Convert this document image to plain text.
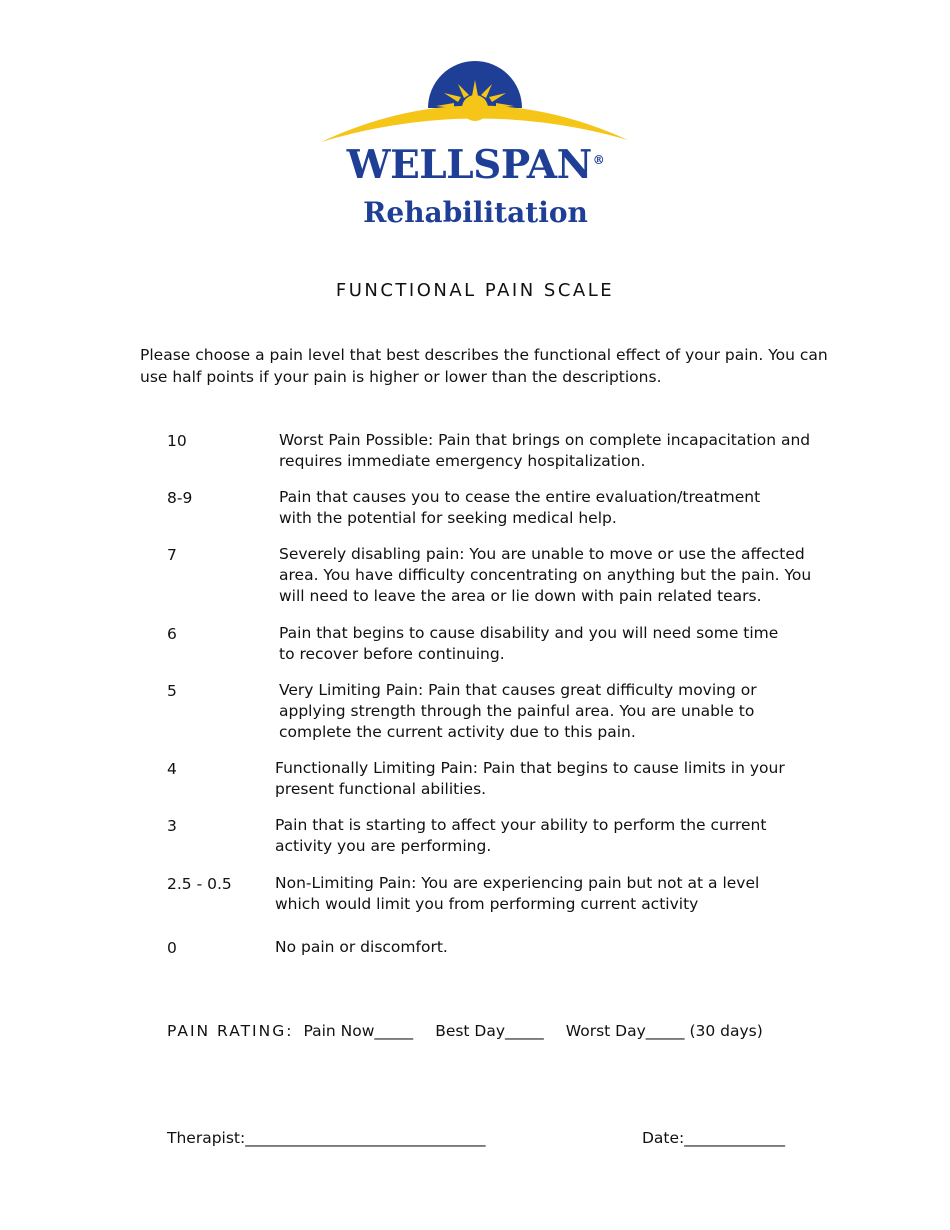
WELLSPAN®
Rehabilitation
FUNCTIONAL PAIN SCALE
Please choose a pain level that best describes the functional effect of your pain. You can use half points if your pain is higher or lower than the descriptions.
10	Worst Pain Possible: Pain that brings on complete incapacitation and requires immediate emergency hospitalization.
8-9	Pain that causes you to cease the entire evaluation/treatment with the potential for seeking medical help.
7	Severely disabling pain: You are unable to move or use the affected area. You have difficulty concentrating on anything but the pain. You will need to leave the area or lie down with pain related tears.
6	Pain that begins to cause disability and you will need some time to recover before continuing.
5	Very Limiting Pain: Pain that causes great difficulty moving or applying strength through the painful area. You are unable to complete the current activity due to this pain.
4	Functionally Limiting Pain: Pain that begins to cause limits in your present functional abilities.
3	Pain that is starting to affect your ability to perform the current activity you are performing.
2.5 - 0.5	Non-Limiting Pain: You are experiencing pain but not at a level which would limit you from performing current activity
0	No pain or discomfort.
PAIN RATING: Pain Now_____ Best Day_____ Worst Day_____ (30 days)
Therapist:_______________________________	Date:_____________
